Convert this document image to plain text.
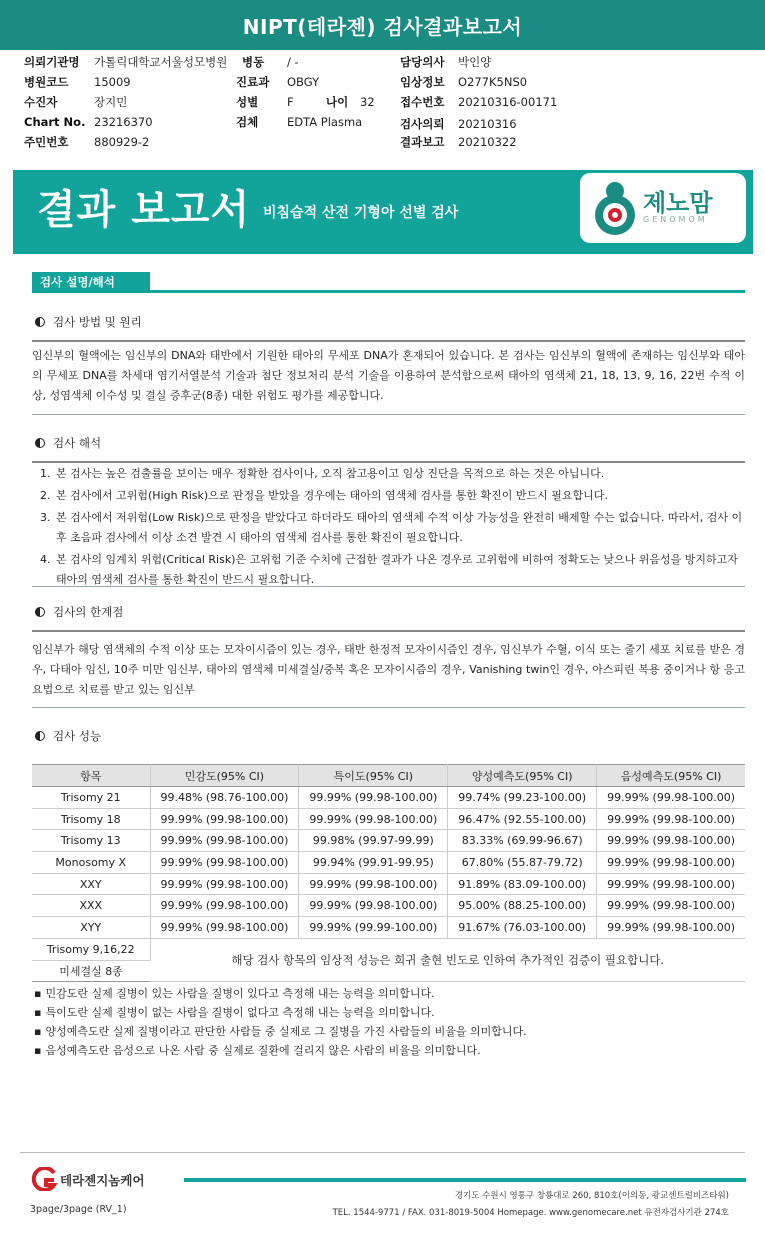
NIPT(테라젠) 검사결과보고서
의뢰기관명 가톨릭대학교서울성모병원 병동 / -	담당의사 박인양
병원코드 15009	진료과 OBGY	임상정보 O277K5NS0
수진자	장지민	성별	F	나이 32 접수번호 20210316-00171
Chart No. 23216370	검체	EDTA Plasma	검사의뢰 20210316
주민번호 880929-2	결과보고 20210322
결과 보고서 비침습적 산전 기형아 선별 검사	제노맘
GENOMOM
검사 설명/해석
검사 방법 및 원리
임신부의 혈액에는 임신부의 DNA와 태반에서 기원한 태아의 무세포 DNA가 혼재되어 있습니다. 본 검사는 임신부의 혈액에 존재하는 임신부와 태아의 무세포 DNA를 차세대 염기서열분석 기술과 첨단 정보처리 분석 기술을 이용하여 분석함으로써 태아의 염색체 21, 18, 13, 9, 16, 22번 수적 이상, 성염색체 이수성 및 결실 증후군(8종) 대한 위험도 평가를 제공합니다.
검사 해석
1. 본 검사는 높은 검출률을 보이는 매우 정확한 검사이나, 오직 참고용이고 임상 진단을 목적으로 하는 것은 아닙니다.
2. 본 검사에서 고위험(High Risk)으로 판정을 받았을 경우에는 태아의 염색체 검사를 통한 확진이 반드시 필요합니다.
3. 본 검사에서 저위험(Low Risk)으로 판정을 받았다고 하더라도 태아의 염색체 수적 이상 가능성을 완전히 배제할 수는 없습니다. 따라서, 검사 이후 초음파 검사에서 이상 소견 발견 시 태아의 염색체 검사를 통한 확진이 필요합니다.
4. 본 검사의 임계치 위험(Critical Risk)은 고위험 기준 수치에 근접한 결과가 나온 경우로 고위험에 비하여 정확도는 낮으나 위음성을 방지하고자 태아의 염색체 검사를 통한 확진이 반드시 필요합니다.
검사의 한계점
임신부가 해당 염색체의 수적 이상 또는 모자이시즘이 있는 경우, 태반 한정적 모자이시즘인 경우, 임신부가 수혈, 이식 또는 줄기 세포 치료를 받은 경우, 다태아 임신, 10주 미만 임신부, 태아의 염색체 미세결실/중복 혹은 모자이시즘의 경우, Vanishing twin인 경우, 아스피린 복용 중이거나 항 응고 요법으로 치료를 받고 있는 임신부
검사 성능
항목	민감도(95% CI)	특이도(95% CI)	양성예측도(95% CI)	음성예측도(95% CI)
Trisomy 21	99.48% (98.76-100.00)	99.99% (99.98-100.00)	99.74% (99.23-100.00)	99.99% (99.98-100.00)
Trisomy 18	99.99% (99.98-100.00)	99.99% (99.98-100.00)	96.47% (92.55-100.00)	99.99% (99.98-100.00)
Trisomy 13	99.99% (99.98-100.00)	99.98% (99.97-99.99)	83.33% (69.99-96.67)	99.99% (99.98-100.00)
Monosomy X	99.99% (99.98-100.00)	99.94% (99.91-99.95)	67.80% (55.87-79.72)	99.99% (99.98-100.00)
XXY	99.99% (99.98-100.00)	99.99% (99.98-100.00)	91.89% (83.09-100.00)	99.99% (99.98-100.00)
XXX	99.99% (99.98-100.00)	99.99% (99.98-100.00)	95.00% (88.25-100.00)	99.99% (99.98-100.00)
XYY	99.99% (99.98-100.00)	99.99% (99.99-100.00)	91.67% (76.03-100.00)	99.99% (99.98-100.00)
Trisomy 9,16,22	해당 검사 항목의 임상적 성능은 희귀 출현 빈도로 인하여 추가적인 검증이 필요합니다.			
미세결실 8종				
▪ 민감도란 실제 질병이 있는 사람을 질병이 있다고 측정해 내는 능력을 의미합니다.
▪ 특이도란 실제 질병이 없는 사람을 질병이 없다고 측정해 내는 능력을 의미합니다.
▪ 양성예측도란 실제 질병이라고 판단한 사람들 중 실제로 그 질병을 가진 사람들의 비율을 의미합니다.
▪ 음성예측도란 음성으로 나온 사람 중 실제로 질환에 걸리지 않은 사람의 비율을 의미합니다.
테라젠지놈케어
3page/3page (RV_1)
경기도 수원시 영통구 창룡대로 260, 810호(이의동, 광교센트럴비즈타워)
TEL. 1544-9771 / FAX. 031-8019-5004 Homepage. www.genomecare.net 유전자검사기관 274호
